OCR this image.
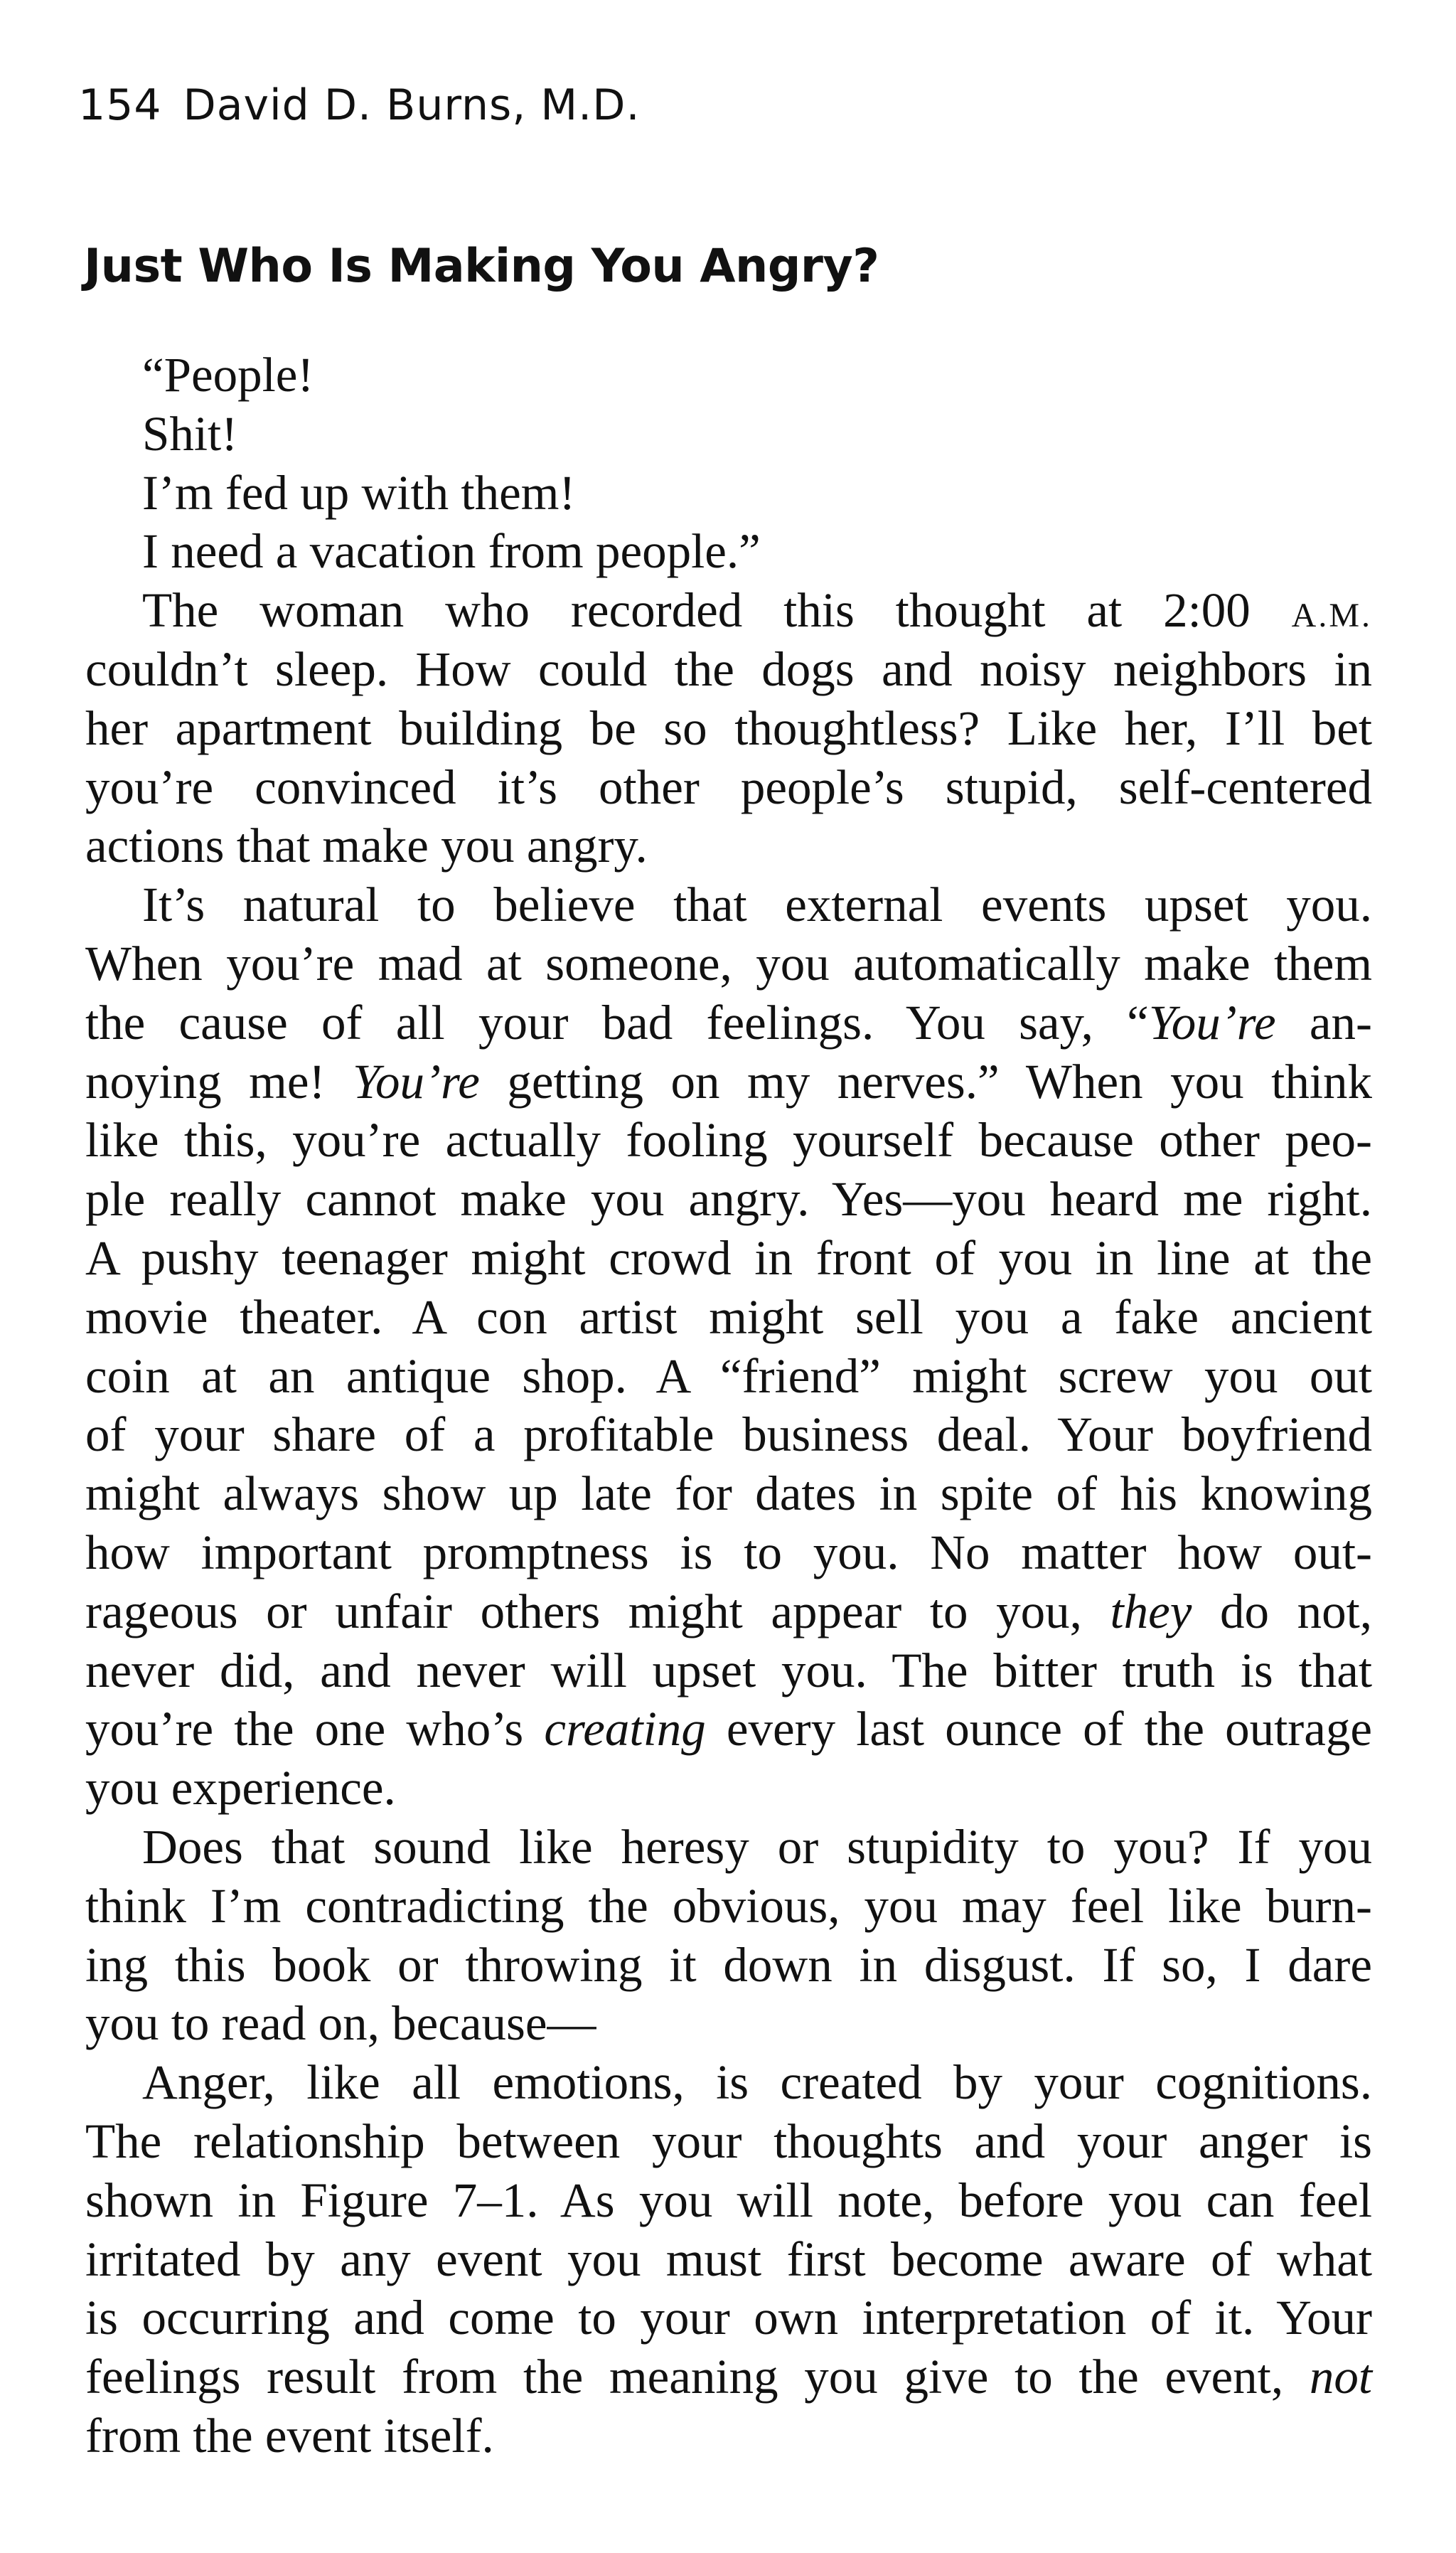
154 David D. Burns, M.D.
Just Who Is Making You Angry?
“People!
Shit!
I’m fed up with them!
I need a vacation from people.”
The woman who recorded this thought at 2:00 A.M.
couldn’t sleep. How could the dogs and noisy neighbors in
her apartment building be so thoughtless? Like her, I’ll bet
you’re convinced it’s other people’s stupid, self-centered
actions that make you angry.
It’s natural to believe that external events upset you.
When you’re mad at someone, you automatically make them
the cause of all your bad feelings. You say, “You’re an-
noying me! You’re getting on my nerves.” When you think
like this, you’re actually fooling yourself because other peo-
ple really cannot make you angry. Yes—you heard me right.
A pushy teenager might crowd in front of you in line at the
movie theater. A con artist might sell you a fake ancient
coin at an antique shop. A “friend” might screw you out
of your share of a profitable business deal. Your boyfriend
might always show up late for dates in spite of his knowing
how important promptness is to you. No matter how out-
rageous or unfair others might appear to you, they do not,
never did, and never will upset you. The bitter truth is that
you’re the one who’s creating every last ounce of the outrage
you experience.
Does that sound like heresy or stupidity to you? If you
think I’m contradicting the obvious, you may feel like burn-
ing this book or throwing it down in disgust. If so, I dare
you to read on, because—
Anger, like all emotions, is created by your cognitions.
The relationship between your thoughts and your anger is
shown in Figure 7–1. As you will note, before you can feel
irritated by any event you must first become aware of what
is occurring and come to your own interpretation of it. Your
feelings result from the meaning you give to the event, not
from the event itself.
